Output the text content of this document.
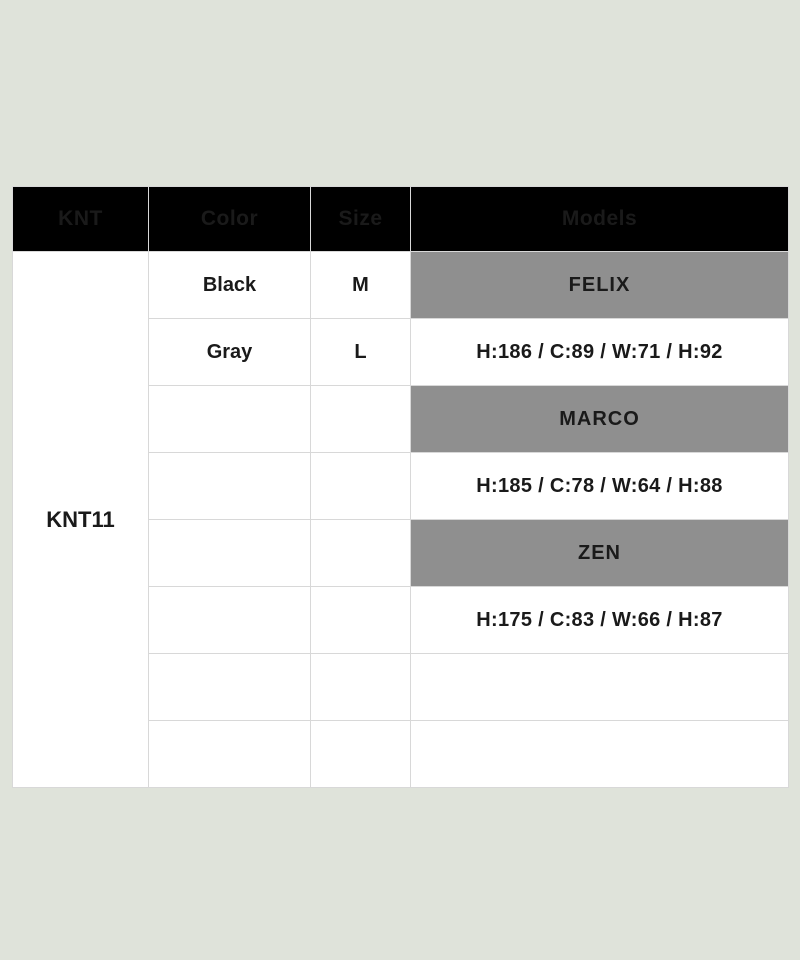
KNT	Color	Size	Models
KNT11	Black	M	FELIX
	Gray	L	H:186 / C:89 / W:71 / H:92
			MARCO
			H:185 / C:78 / W:64 / H:88
			ZEN
			H:175 / C:83 / W:66 / H:87
